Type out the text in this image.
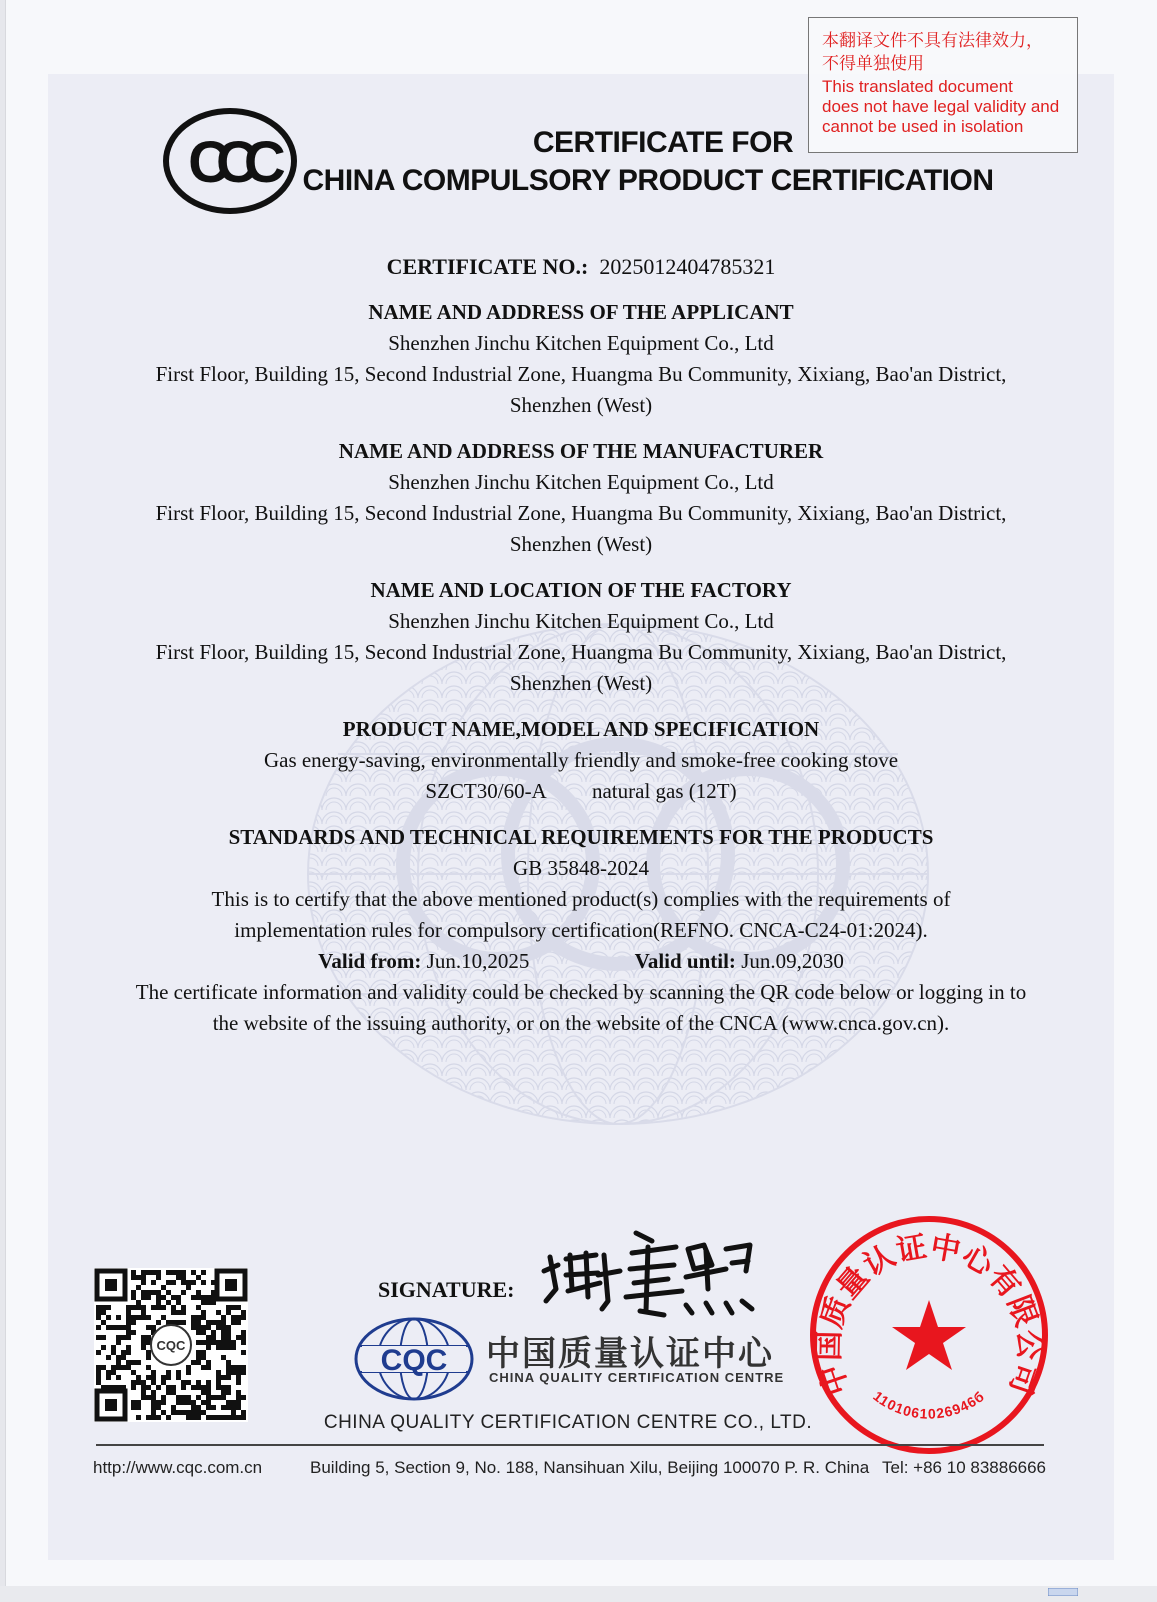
CCC	CERTIFICATE FOR
CHINA COMPULSORY PRODUCT CERTIFICATION
CERTIFICATE NO.: 2025012404785321
NAME AND ADDRESS OF THE APPLICANT
Shenzhen Jinchu Kitchen Equipment Co., Ltd
First Floor, Building 15, Second Industrial Zone, Huangma Bu Community, Xixiang, Bao'an District,
Shenzhen (West)
NAME AND ADDRESS OF THE MANUFACTURER
Shenzhen Jinchu Kitchen Equipment Co., Ltd
First Floor, Building 15, Second Industrial Zone, Huangma Bu Community, Xixiang, Bao'an District,
Shenzhen (West)
NAME AND LOCATION OF THE FACTORY
Shenzhen Jinchu Kitchen Equipment Co., Ltd
First Floor, Building 15, Second Industrial Zone, Huangma Bu Community, Xixiang, Bao'an District,
Shenzhen (West)
PRODUCT NAME,MODEL AND SPECIFICATION
Gas energy-saving, environmentally friendly and smoke-free cooking stove
SZCT30/60-A natural gas (12T)
STANDARDS AND TECHNICAL REQUIREMENTS FOR THE PRODUCTS
GB 35848-2024
This is to certify that the above mentioned product(s) complies with the requirements of
implementation rules for compulsory certification(REFNO. CNCA-C24-01:2024).
Valid from: Jun.10,2025	Valid until: Jun.09,2030
The certificate information and validity could be checked by scanning the QR code below or logging in to
the website of the issuing authority, or on the website of the CNCA (www.cnca.gov.cn).
CQC
SIGNATURE:
CQC 中国质量认证中心
CHINA QUALITY CERTIFICATION CENTRE
CHINA QUALITY CERTIFICATION CENTRE CO., LTD.
中国质量认证中心有限公司
1101061026946б
http://www.cqc.com.cn	Building 5, Section 9, No. 188, Nansihuan Xilu, Beijing 100070 P. R. China Tel: +86 10 83886666
本翻译文件不具有法律效力，
不得单独使用
This translated document
does not have legal validity and
cannot be used in isolation
